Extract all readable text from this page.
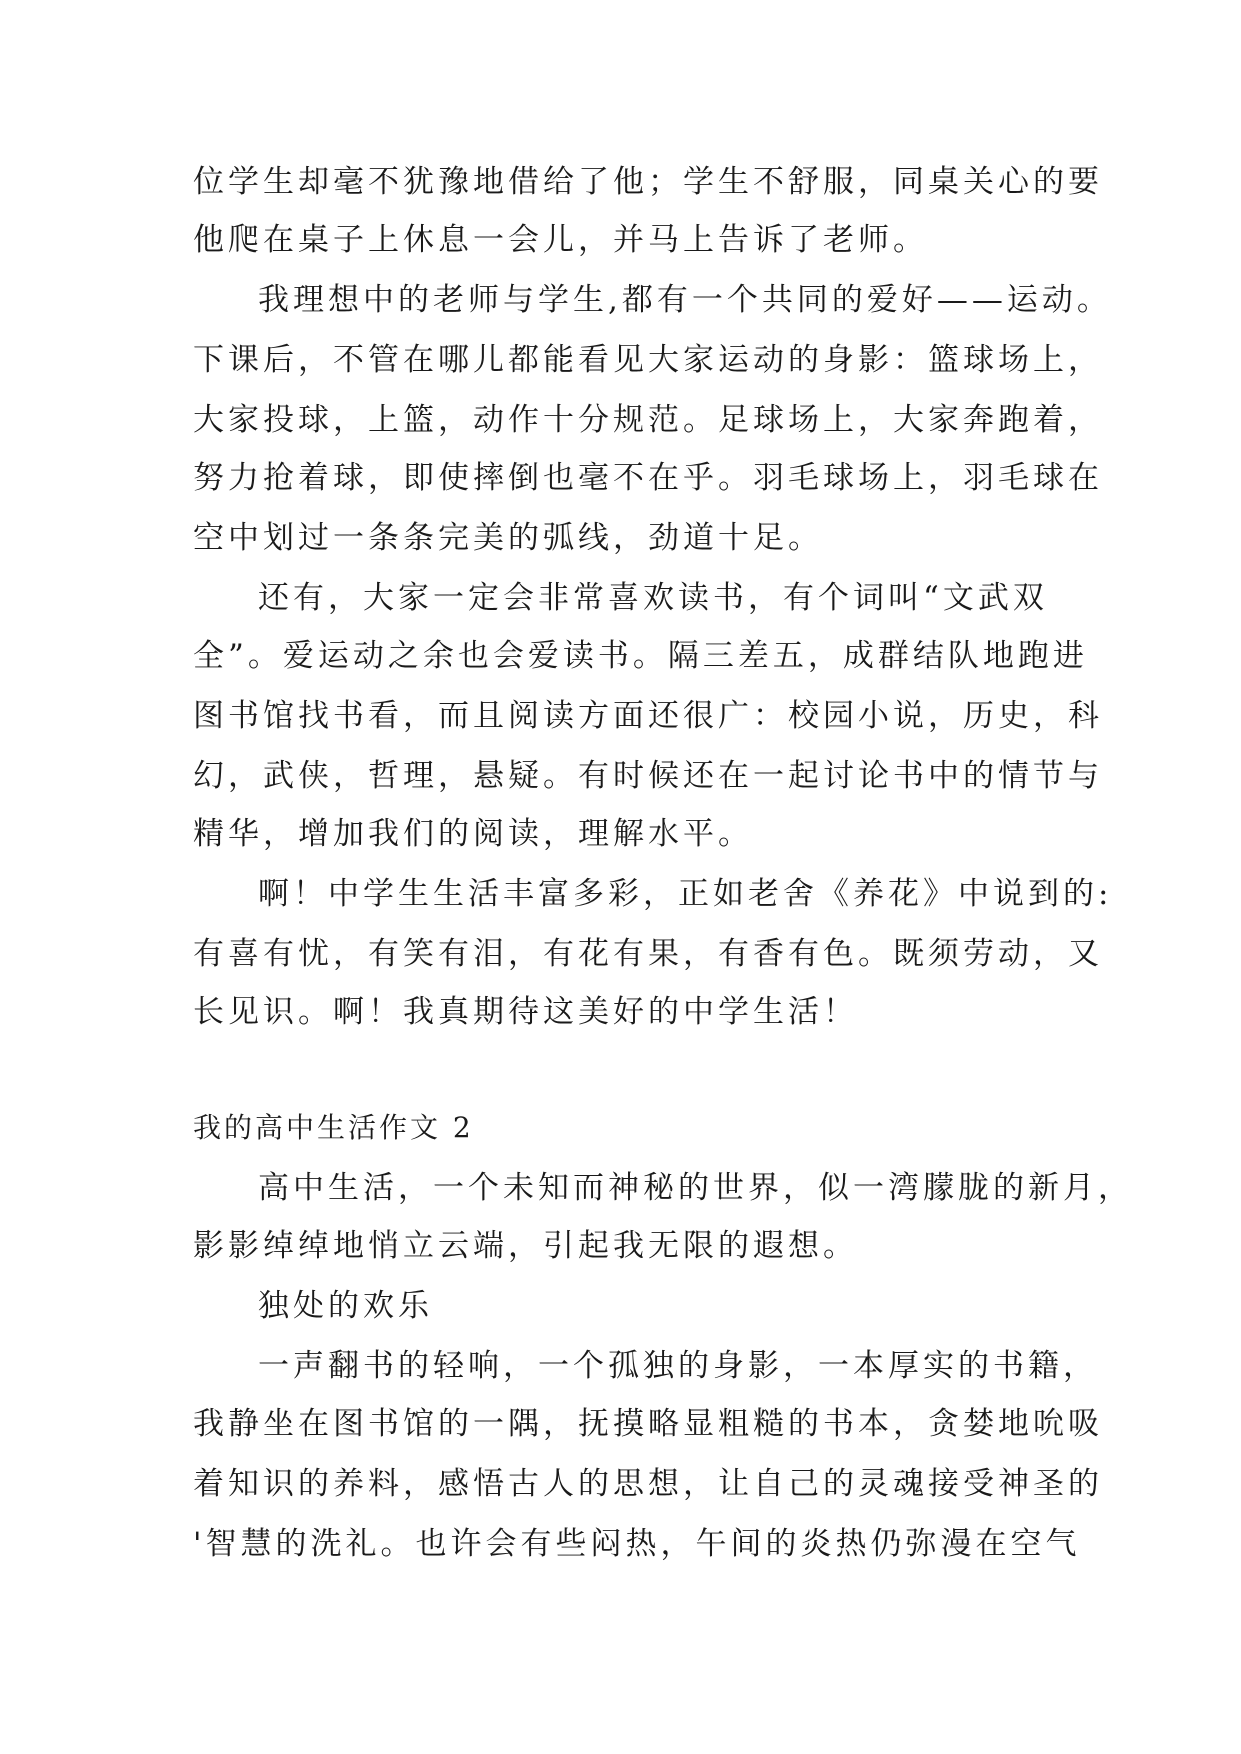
位学生却毫不犹豫地借给了他；学生不舒服，同桌关心的要
他爬在桌子上休息一会儿，并马上告诉了老师。
我理想中的老师与学生,都有一个共同的爱好——运动。
下课后，不管在哪儿都能看见大家运动的身影：篮球场上，
大家投球，上篮，动作十分规范。足球场上，大家奔跑着，
努力抢着球，即使摔倒也毫不在乎。羽毛球场上，羽毛球在
空中划过一条条完美的弧线，劲道十足。
还有，大家一定会非常喜欢读书，有个词叫“文武双
全”。爱运动之余也会爱读书。隔三差五，成群结队地跑进
图书馆找书看，而且阅读方面还很广：校园小说，历史，科
幻，武侠，哲理，悬疑。有时候还在一起讨论书中的情节与
精华，增加我们的阅读，理解水平。
啊！中学生生活丰富多彩，正如老舍《养花》中说到的:
有喜有忧，有笑有泪，有花有果，有香有色。既须劳动，又
长见识。啊！我真期待这美好的中学生活！
我的高中生活作文 2
高中生活，一个未知而神秘的世界，似一湾朦胧的新月，
影影绰绰地悄立云端，引起我无限的遐想。
独处的欢乐
一声翻书的轻响，一个孤独的身影，一本厚实的书籍，
我静坐在图书馆的一隅，抚摸略显粗糙的书本，贪婪地吮吸
着知识的养料，感悟古人的思想，让自己的灵魂接受神圣的
'智慧的洗礼。也许会有些闷热，午间的炎热仍弥漫在空气
